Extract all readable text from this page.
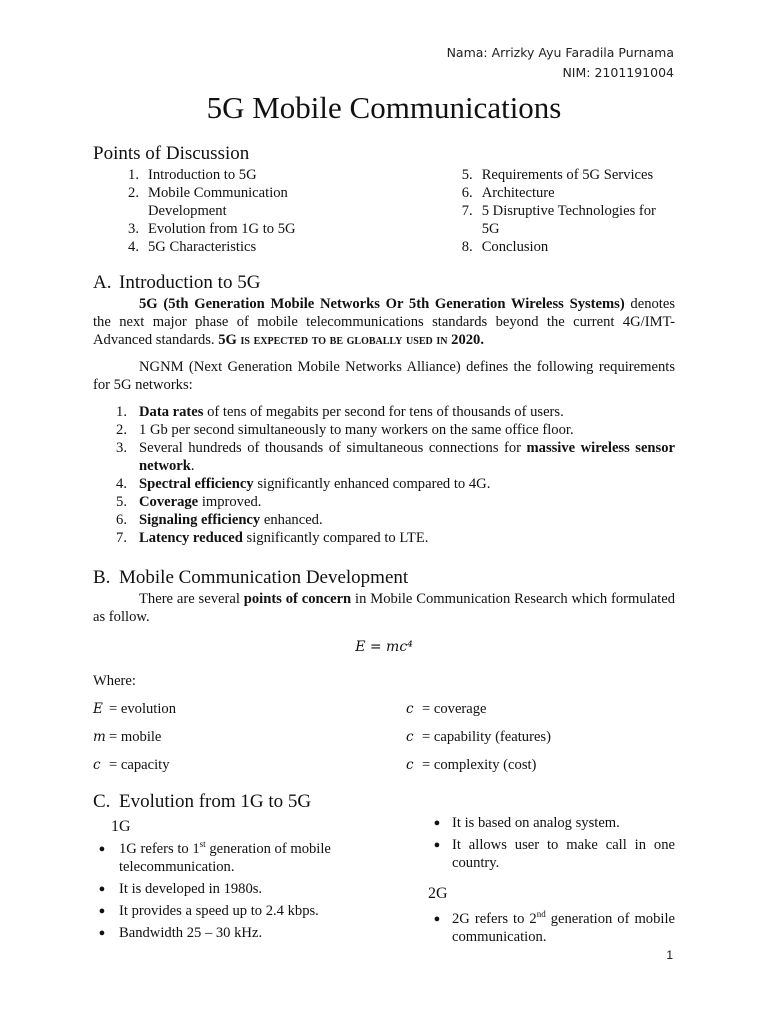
Nama: Arrizky Ayu Faradila Purnama
NIM: 2101191004
5G Mobile Communications
Points of Discussion
1. Introduction to 5G
2. Mobile Communication
Development
3. Evolution from 1G to 5G
4. 5G Characteristics
5. Requirements of 5G Services
6. Architecture
7. 5 Disruptive Technologies for 5G
8. Conclusion
A. Introduction to 5G

5G (5th Generation Mobile Networks Or 5th Generation Wireless Systems) denotes the next major phase of mobile telecommunications standards beyond the current 4G/IMT-Advanced standards. 5G is expected to be globally used in 2020.

NGNM (Next Generation Mobile Networks Alliance) defines the following requirements for 5G networks:

1. Data rates of tens of megabits per second for tens of thousands of users.
2. 1 Gb per second simultaneously to many workers on the same office floor.
3. Several hundreds of thousands of simultaneous connections for massive wireless sensor network.
4. Spectral efficiency significantly enhanced compared to 4G.
5. Coverage improved.
6. Signaling efficiency enhanced.
7. Latency reduced significantly compared to LTE.
B. Mobile Communication Development

There are several points of concern in Mobile Communication Research which formulated as follow.

E = mc⁴
Where:
E = evolution	c = coverage
m = mobile	c = capability (features)
c = capacity	c = complexity (cost)
C. Evolution from 1G to 5G
1G
● 1G refers to 1st generation of mobile telecommunication.
● It is developed in 1980s.
● It provides a speed up to 2.4 kbps.
● Bandwidth 25 – 30 kHz.
● It is based on analog system.
● It allows user to make call in one country.
2G
● 2G refers to 2nd generation of mobile communication.
1
